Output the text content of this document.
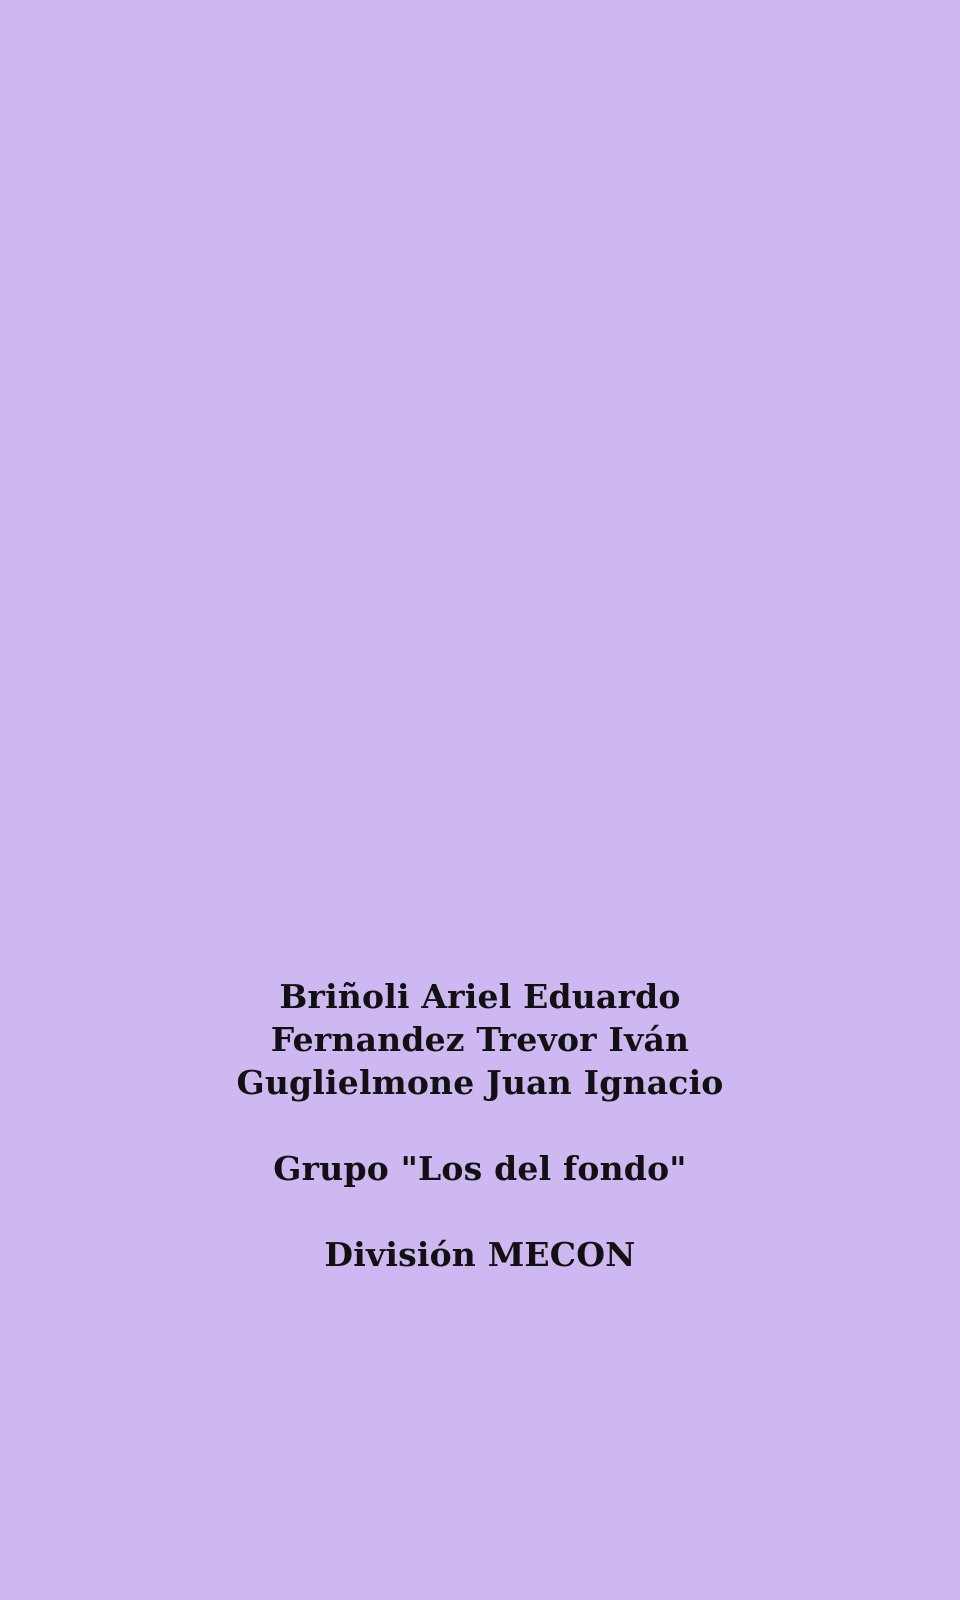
Briñoli Ariel Eduardo

Fernandez Trevor Iván

Guglielmone Juan Ignacio

Grupo "Los del fondo"

División MECON
